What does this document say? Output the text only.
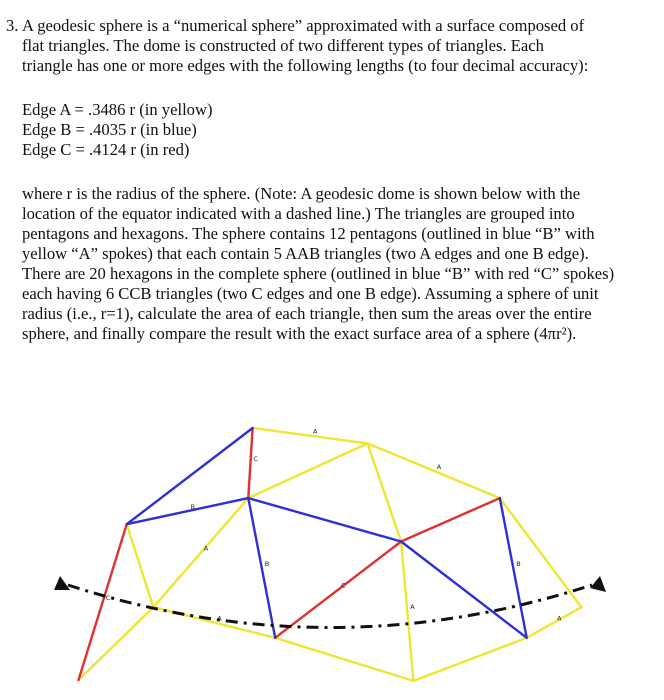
3. A geodesic sphere is a “numerical sphere” approximated with a surface composed of
flat triangles. The dome is constructed of two different types of triangles. Each
triangle has one or more edges with the following lengths (to four decimal accuracy):
Edge A = .3486 r (in yellow)
Edge B = .4035 r (in blue)
Edge C = .4124 r (in red)
where r is the radius of the sphere. (Note: A geodesic dome is shown below with the
location of the equator indicated with a dashed line.) The triangles are grouped into
pentagons and hexagons. The sphere contains 12 pentagons (outlined in blue “B” with
yellow “A” spokes) that each contain 5 AAB triangles (two A edges and one B edge).
There are 20 hexagons in the complete sphere (outlined in blue “B” with red “C” spokes)
each having 6 CCB triangles (two C edges and one B edge). Assuming a sphere of unit
radius (i.e., r=1), calculate the area of each triangle, then sum the areas over the entire
sphere, and finally compare the result with the exact surface area of a sphere (4πr²).
A
A
A
A
A
A
C
C
C
B
B	B
